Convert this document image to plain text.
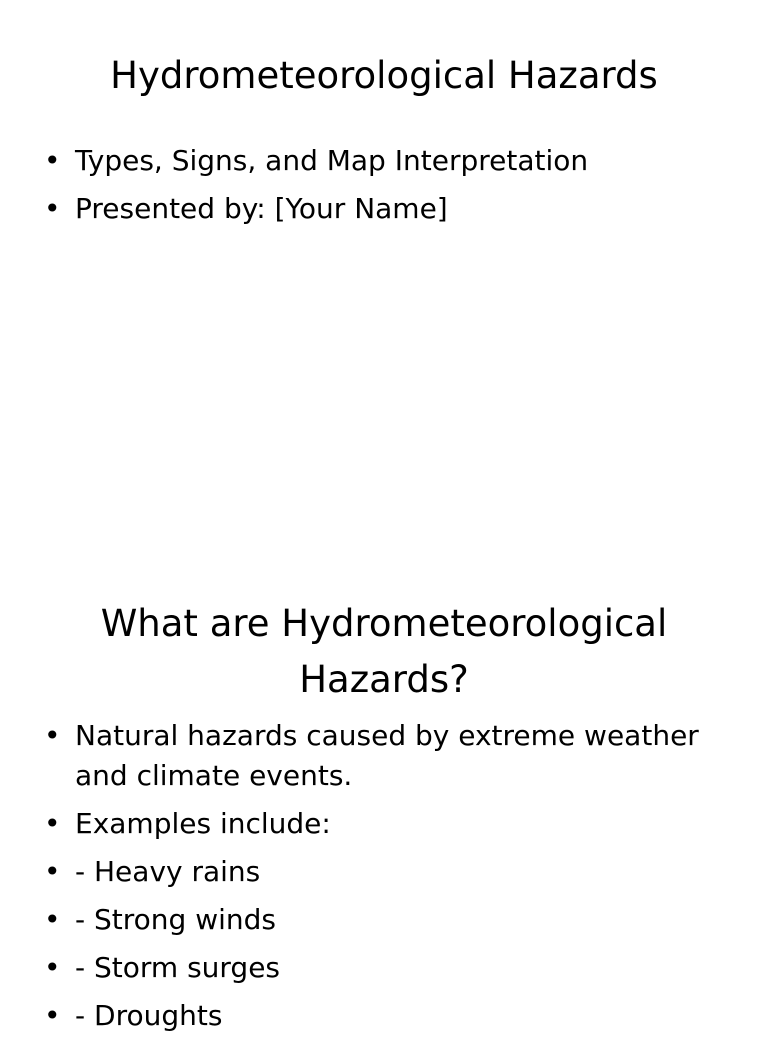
Hydrometeorological Hazards
• Types, Signs, and Map Interpretation
• Presented by: [Your Name]
What are Hydrometeorological Hazards?
• Natural hazards caused by extreme weather and climate events.
• Examples include:
• - Heavy rains
• - Strong winds
• - Storm surges
• - Droughts
